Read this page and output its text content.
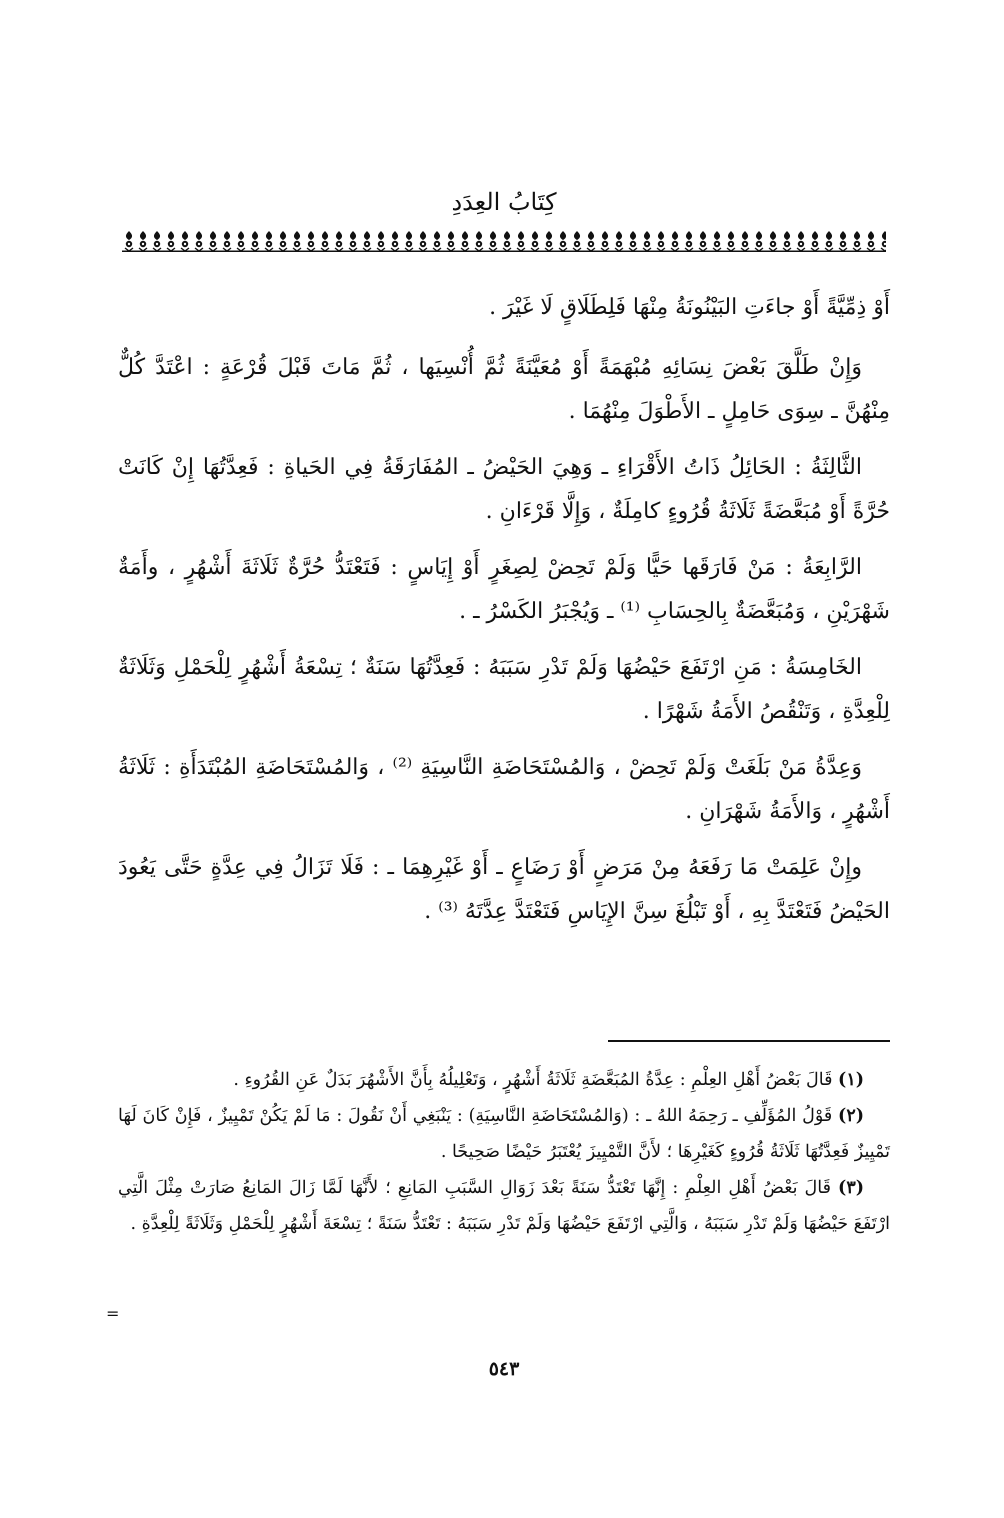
كِتَابُ العِدَدِ

أَوْ ذِمِّيَّةً أَوْ جاءَتِ البَيْنُونَةُ مِنْهَا فَلِطَلَاقٍ لَا غَيْرَ .

وَإِنْ طَلَّقَ بَعْضَ نِسَائِهِ مُبْهَمَةً أَوْ مُعَيَّنَةً ثُمَّ أُنْسِيَها ، ثُمَّ مَاتَ قَبْلَ قُرْعَةٍ : اعْتَدَّ كُلٌّ مِنْهُنَّ ـ سِوَى حَامِلٍ ـ الأَطْوَلَ مِنْهُمَا .

الثَّالِثَةُ : الحَائِلُ ذَاتُ الأَقْرَاءِ ـ وَهِيَ الحَيْضُ ـ المُفَارَقَةُ فِي الحَياةِ : فَعِدَّتُهَا إِنْ كَانَتْ حُرَّةً أَوْ مُبَعَّضَةً ثَلَاثَةُ قُرُوءٍ كامِلَةٌ ، وَإِلَّا قَرْءَانِ .

الرَّابِعَةُ : مَنْ فَارَقَها حَيًّا وَلَمْ تَحِضْ لِصِغَرٍ أَوْ إِيَاسٍ : فَتَعْتَدُّ حُرَّةٌ ثَلَاثَةَ أَشْهُرٍ ، وأَمَةٌ شَهْرَيْنِ ، وَمُبَعَّضَةٌ بِالحِسَابِ ⁽¹⁾ ـ وَيُجْبَرُ الكَسْرُ ـ .

الخَامِسَةُ : مَنِ ارْتَفَعَ حَيْضُهَا وَلَمْ تَدْرِ سَبَبَهُ : فَعِدَّتُهَا سَنَةٌ ؛ تِسْعَةُ أَشْهُرٍ لِلْحَمْلِ وَثَلَاثَةٌ لِلْعِدَّةِ ، وَتَنْقُصُ الأَمَةُ شَهْرًا .

وَعِدَّةُ مَنْ بَلَغَتْ وَلَمْ تَحِضْ ، وَالمُسْتَحَاضَةِ النَّاسِيَةِ ⁽²⁾ ، وَالمُسْتَحَاضَةِ المُبْتَدَأَةِ : ثَلَاثَةُ أَشْهُرٍ ، وَالأَمَةُ شَهْرَانِ .

وإِنْ عَلِمَتْ مَا رَفَعَهُ مِنْ مَرَضٍ أَوْ رَضَاعٍ ـ أَوْ غَيْرِهِمَا ـ : فَلَا تَزَالُ فِي عِدَّةٍ حَتَّى يَعُودَ الحَيْضُ فَتَعْتَدَّ بِهِ ، أَوْ تَبْلُغَ سِنَّ الإِيَاسِ فَتَعْتَدَّ عِدَّتَهُ ⁽³⁾ .

(١) قَالَ بَعْضُ أَهْلِ العِلْمِ : عِدَّةُ المُبَعَّضَةِ ثَلَاثَةُ أَشْهُرٍ ، وَتَعْلِيلُهُ بِأَنَّ الأَشْهُرَ بَدَلٌ عَنِ القُرُوءِ .

(٢) قَوْلُ المُؤَلِّفِ ـ رَحِمَهُ اللهُ ـ : (وَالمُسْتَحَاضَةِ النَّاسِيَةِ) : يَنْبَغِي أَنْ نَقُولَ : مَا لَمْ يَكُنْ تَمْيِيزٌ ، فَإِنْ كَانَ لَهَا تَمْيِيزٌ فَعِدَّتُهَا ثَلَاثَةُ قُرُوءٍ كَغَيْرِهَا ؛ لأَنَّ التَّمْيِيزَ يُعْتَبَرُ حَيْضًا صَحِيحًا .

(٣) قَالَ بَعْضُ أَهْلِ العِلْمِ : إِنَّهَا تَعْتَدُّ سَنَةً بَعْدَ زَوَالِ السَّبَبِ المَانِعِ ؛ لأَنَّهَا لَمَّا زَالَ المَانِعُ صَارَتْ مِثْلَ الَّتِي ارْتَفَعَ حَيْضُهَا وَلَمْ تَدْرِ سَبَبَهُ ، وَالَّتِي ارْتَفَعَ حَيْضُهَا وَلَمْ تَدْرِ سَبَبَهُ : تَعْتَدُّ سَنَةً ؛ تِسْعَةَ أَشْهُرٍ لِلْحَمْلِ وَثَلَاثَةً لِلْعِدَّةِ .

=
٥٤٣
